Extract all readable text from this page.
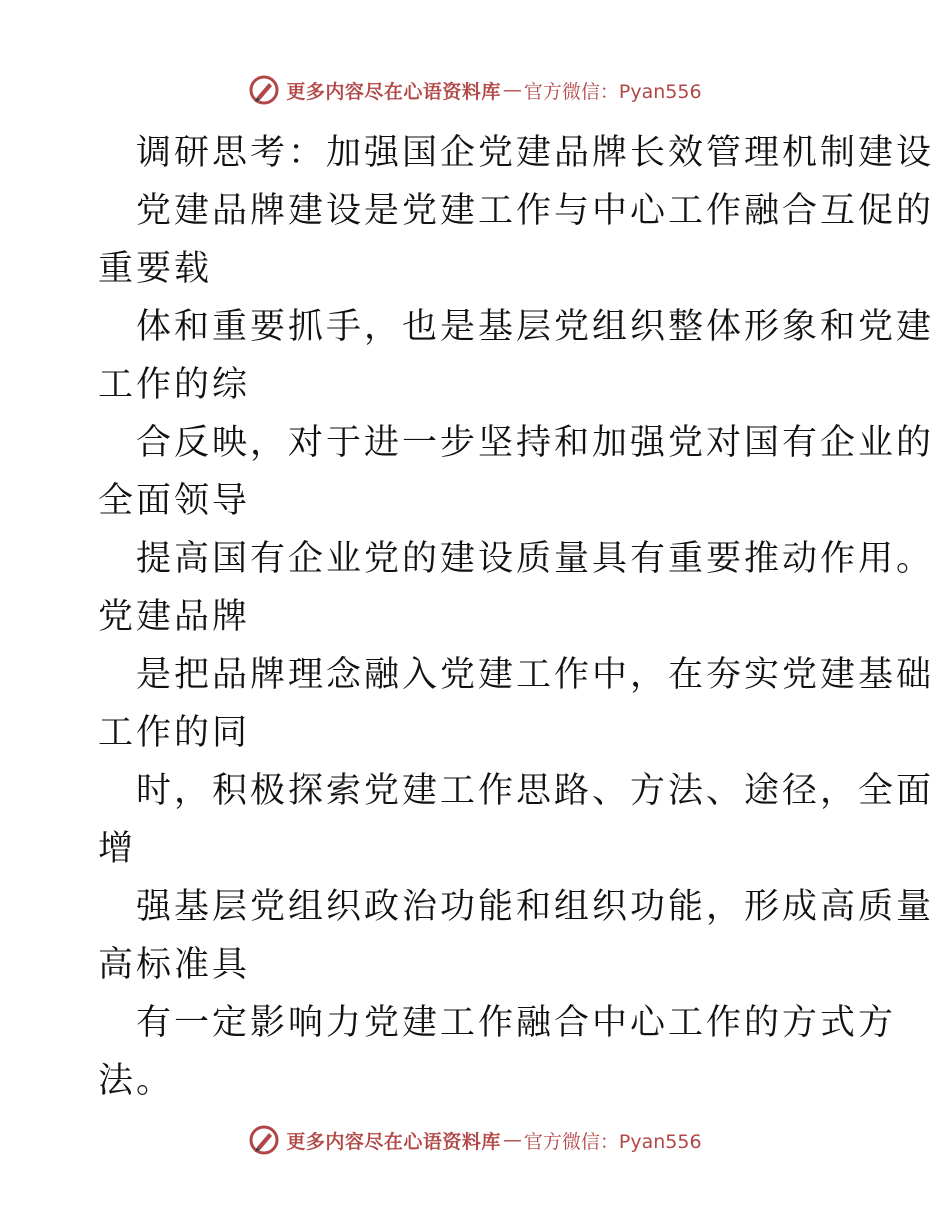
更多内容尽在心语资料库 — 官方微信：Pyan556
调研思考：加强国企党建品牌长效管理机制建设
党建品牌建设是党建工作与中心工作融合互促的
重要载
体和重要抓手，也是基层党组织整体形象和党建
工作的综
合反映，对于进一步坚持和加强党对国有企业的
全面领导
提高国有企业党的建设质量具有重要推动作用。
党建品牌
是把品牌理念融入党建工作中，在夯实党建基础
工作的同
时，积极探索党建工作思路、方法、途径，全面
增
强基层党组织政治功能和组织功能，形成高质量
高标准具
有一定影响力党建工作融合中心工作的方式方
法。
更多内容尽在心语资料库 — 官方微信：Pyan556
